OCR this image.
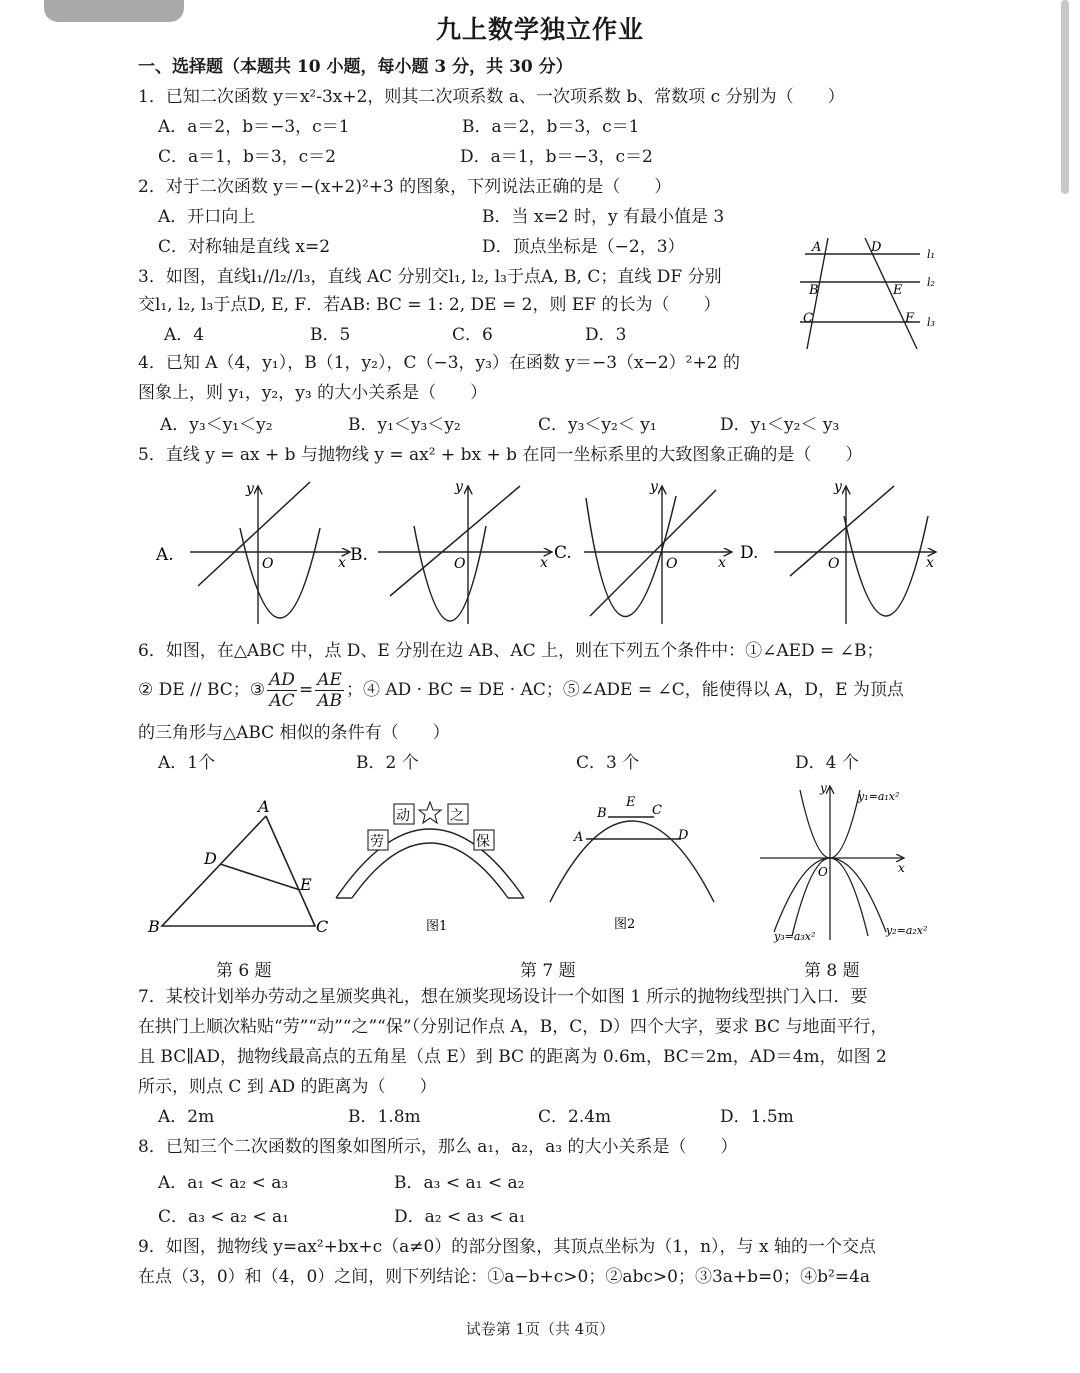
九上数学独立作业
一、选择题（本题共 10 小题，每小题 3 分，共 30 分）
1．已知二次函数 y＝x²-3x+2，则其二次项系数 a、一次项系数 b、常数项 c 分别为（　　）
A．a＝2，b＝−3，c＝1	B．a＝2，b＝3，c＝1
C．a＝1，b＝3，c＝2	D．a＝1，b＝−3，c＝2
2．对于二次函数 y＝−(x+2)²+3 的图象，下列说法正确的是（　　）
A．开口向上	B．当 x=2 时，y 有最小值是 3
C．对称轴是直线 x=2	D．顶点坐标是（−2，3）
3．如图，直线l₁//l₂//l₃，直线 AC 分别交l₁, l₂, l₃于点A, B, C；直线 DF 分别
交l₁, l₂, l₃于点D, E, F．若AB: BC = 1: 2, DE = 2，则 EF 的长为（　　）
A．4	B．5	C．6	D．3
A	D
B	E
C	F
l₁
l₂
l₃
4．已知 A（4，y₁），B（1，y₂），C（−3，y₃）在函数 y＝−3（x−2）²+2 的
图象上，则 y₁，y₂，y₃ 的大小关系是（　　）
A．y₃＜y₁＜y₂	B．y₁＜y₃＜y₂	C．y₃＜y₂＜ y₁	D．y₁＜y₂＜ y₃
5．直线 y = ax + b 与抛物线 y = ax² + bx + b 在同一坐标系里的大致图象正确的是（　　）
A.
y
x
O	B.
y
x
O
C.
y
x
O
D.
y
x
O
6．如图，在△ABC 中，点 D、E 分别在边 AB、AC 上，则在下列五个条件中：①∠AED = ∠B；
② DE // BC；③ $\frac{AD}{AC} = \frac{AE}{AB}$ ；④ AD · BC = DE · AC；⑤∠ADE = ∠C，能使得以 A，D，E 为顶点
的三角形与△ABC 相似的条件有（　　）
A．1个	B．2 个	C．3 个	D．4 个
A
D
E
B	C
劳
动	之
保
图1
A
B
E
C
D
图2
y
x
O
y₁=a₁x²
y₂=a₂x²
y₃=a₃x²
第 6 题	第 7 题	第 8 题
7．某校计划举办劳动之星颁奖典礼，想在颁奖现场设计一个如图 1 所示的抛物线型拱门入口．要
在拱门上顺次粘贴“劳”“动”“之”“保”（分别记作点 A，B，C，D）四个大字，要求 BC 与地面平行，
且 BC∥AD，抛物线最高点的五角星（点 E）到 BC 的距离为 0.6m，BC＝2m，AD＝4m，如图 2
所示，则点 C 到 AD 的距离为（　　）
A．2m	B．1.8m	C．2.4m	D．1.5m
8．已知三个二次函数的图象如图所示，那么 a₁，a₂，a₃ 的大小关系是（　　）
A．a₁ < a₂ < a₃	B．a₃ < a₁ < a₂
C．a₃ < a₂ < a₁	D．a₂ < a₃ < a₁
9．如图，抛物线 y=ax²+bx+c（a≠0）的部分图象，其顶点坐标为（1，n），与 x 轴的一个交点
在点（3，0）和（4，0）之间，则下列结论：①a−b+c>0；②abc>0；③3a+b=0；④b²=4a
试卷第 1页（共 4页）
